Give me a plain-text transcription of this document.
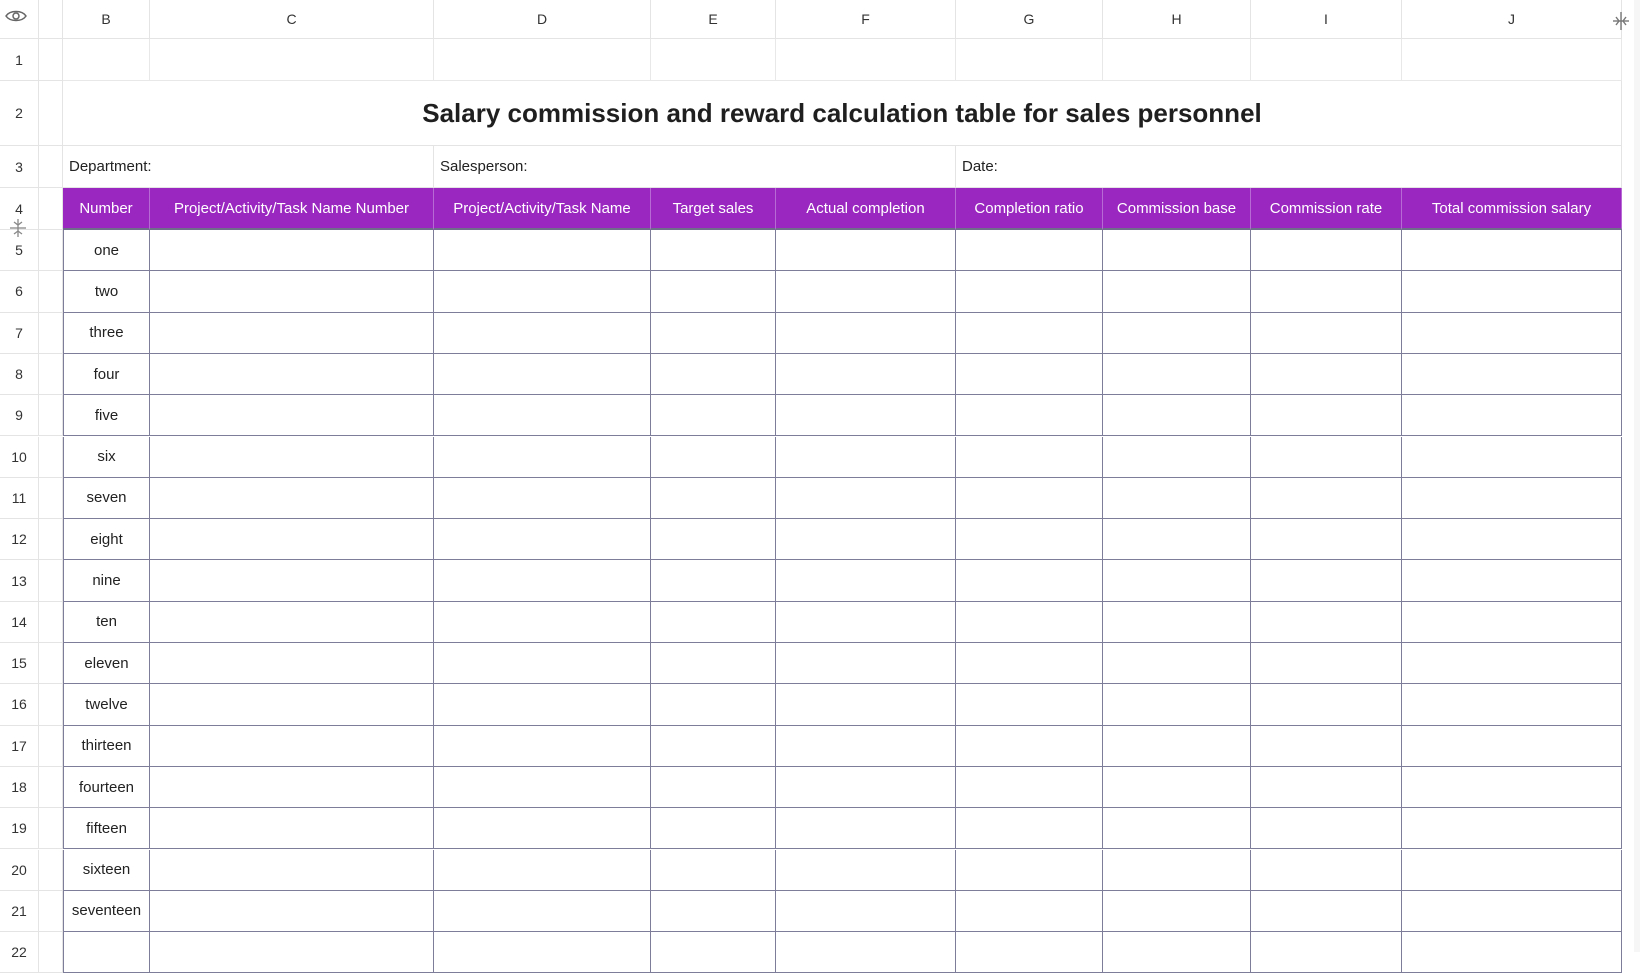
B	C	D	E	F	G	H	I	J
1
2
3
4
5
6
7
8
9
10
11
12
13
14
15
16
17
18
19
20
21
22
Salary commission and reward calculation table for sales personnel
Department:	Salesperson:	Date:
Number	Project/Activity/Task Name Number	Project/Activity/Task Name	Target sales	Actual completion	Completion ratio	Commission base	Commission rate	Total commission salary
one
two
three
four
five
six
seven
eight
nine
ten
eleven
twelve
thirteen
fourteen
fifteen
sixteen
seventeen
